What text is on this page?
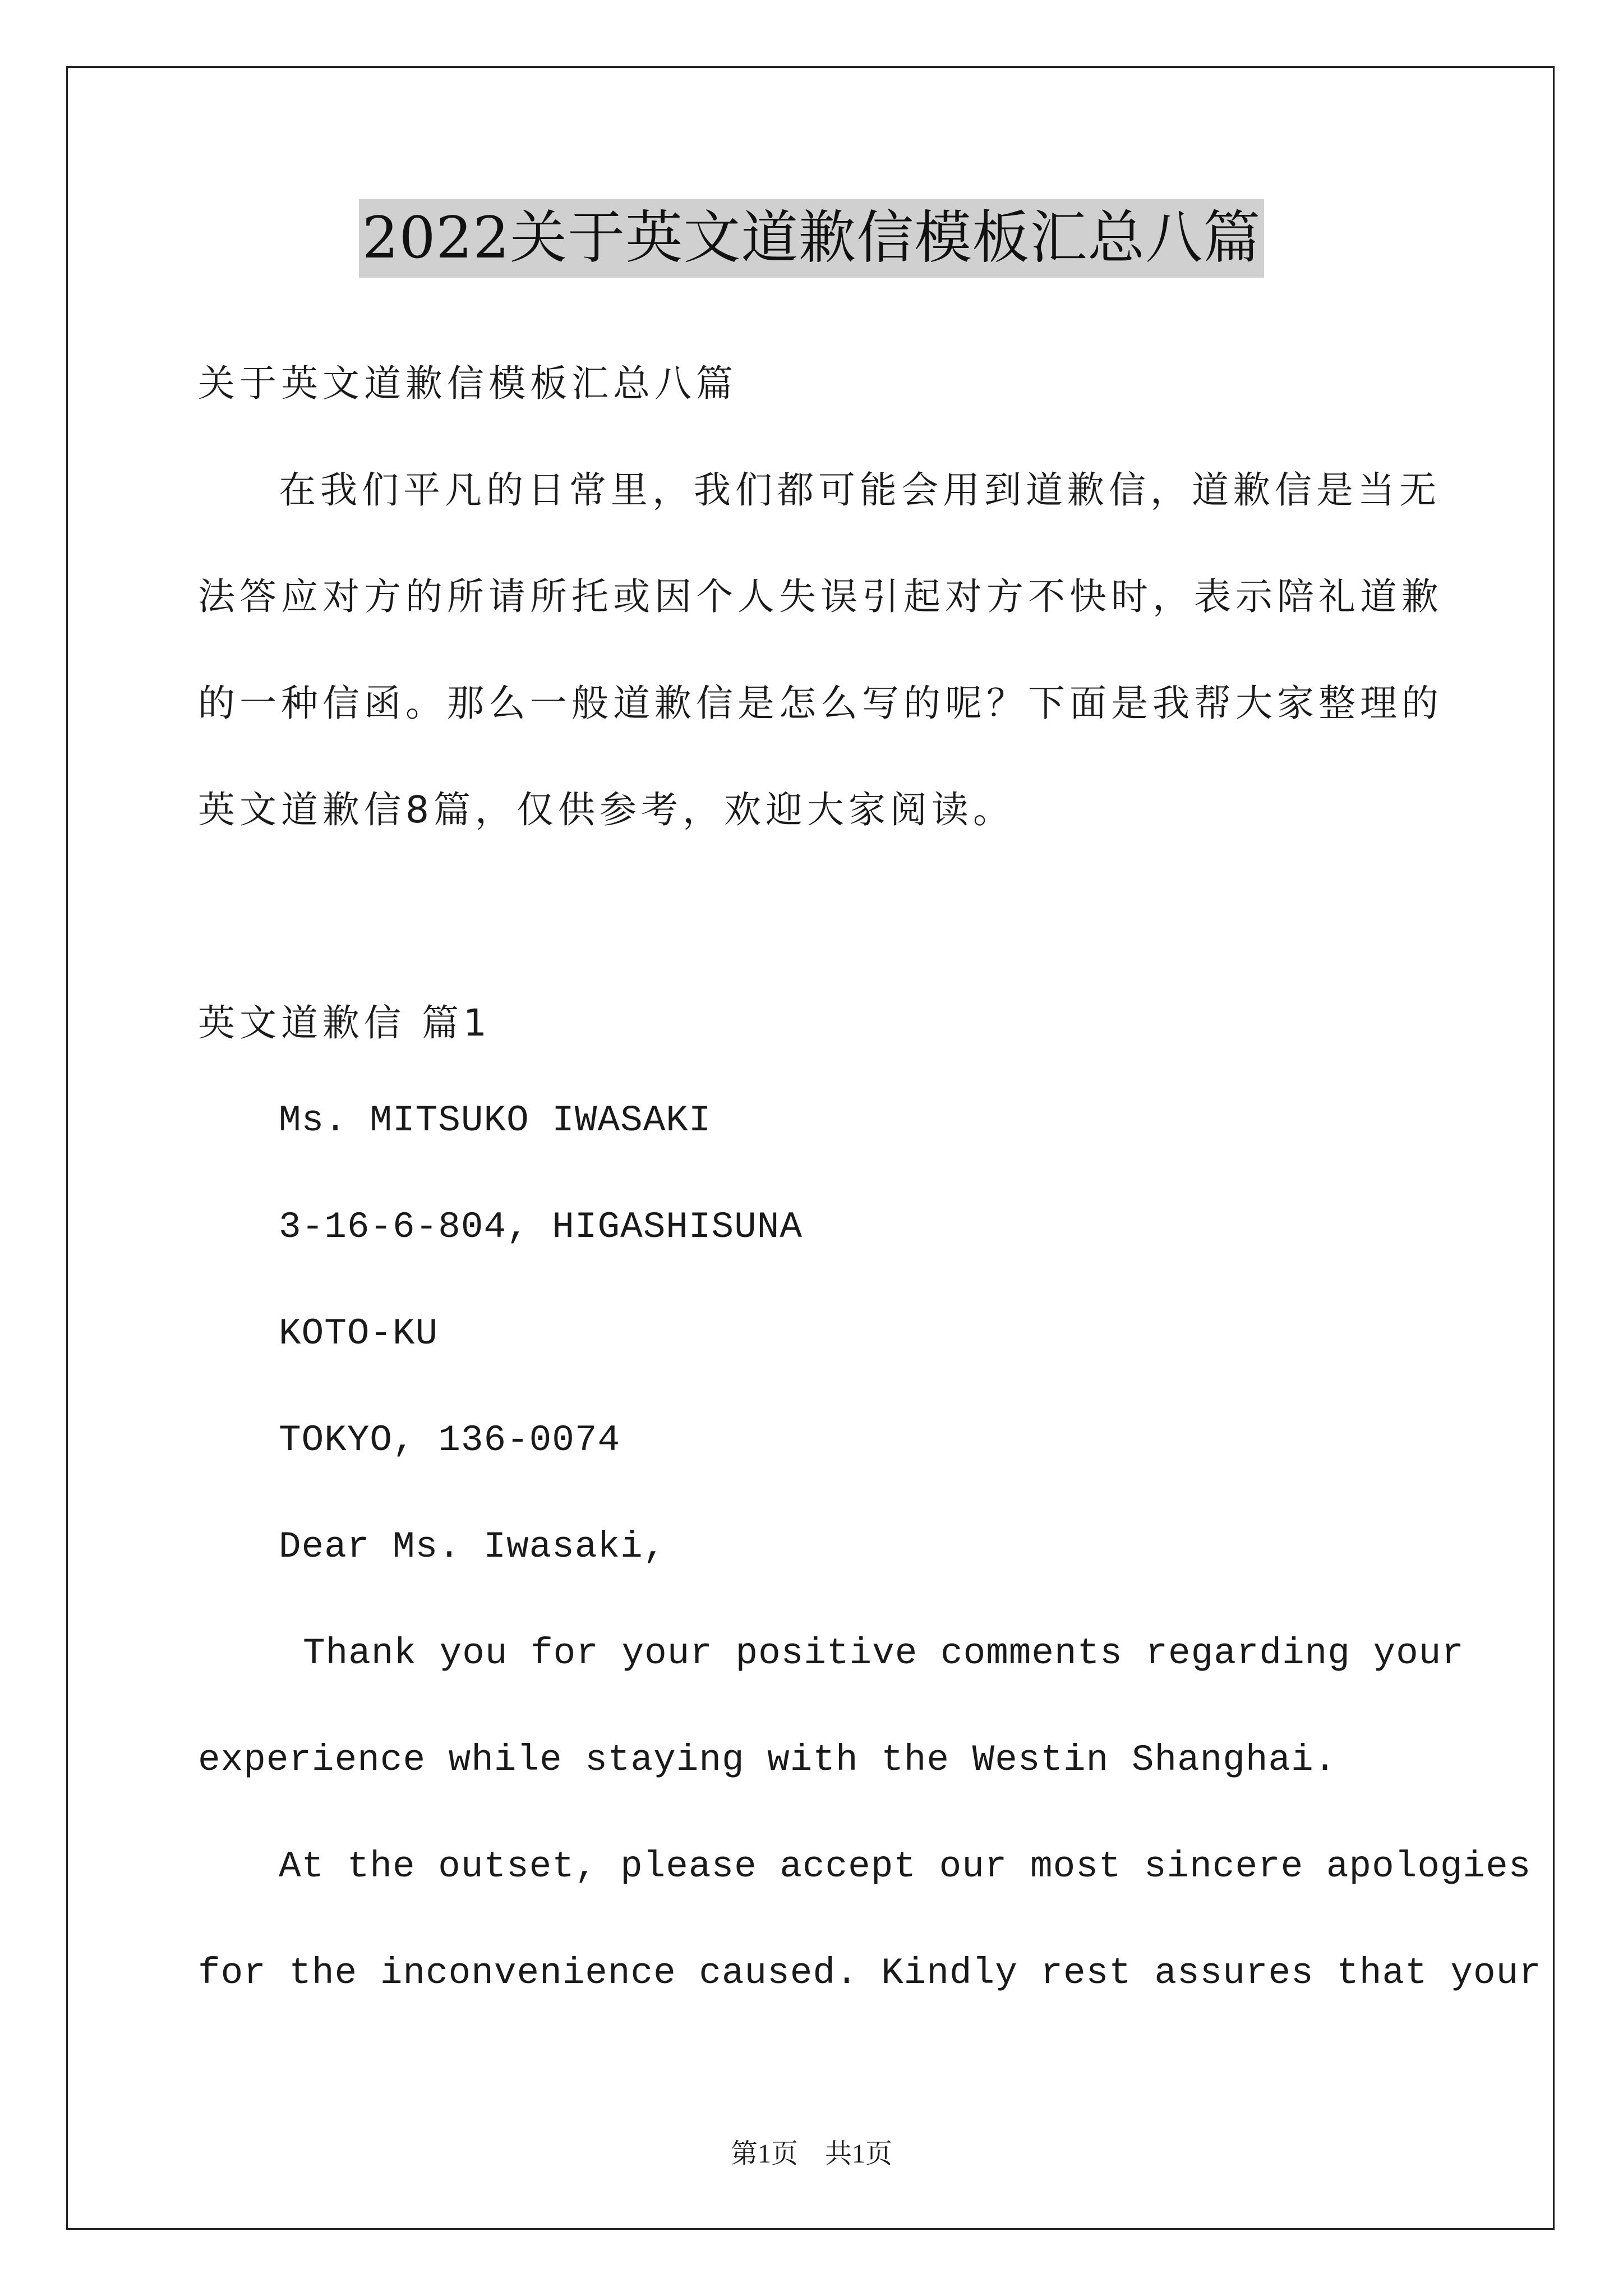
2022关于英文道歉信模板汇总八篇
关于英文道歉信模板汇总八篇
在我们平凡的日常里，我们都可能会用到道歉信，道歉信是当无
法答应对方的所请所托或因个人失误引起对方不快时，表示陪礼道歉
的一种信函。那么一般道歉信是怎么写的呢？下面是我帮大家整理的
英文道歉信8篇，仅供参考，欢迎大家阅读。
英文道歉信 篇1
Ms. MITSUKO IWASAKI
3-16-6-804, HIGASHISUNA
KOTO-KU
TOKYO, 136-0074
Dear Ms. Iwasaki,
Thank you for your positive comments regarding your
experience while staying with the Westin Shanghai.
At the outset, please accept our most sincere apologies
for the inconvenience caused. Kindly rest assures that your
第1页 共1页
